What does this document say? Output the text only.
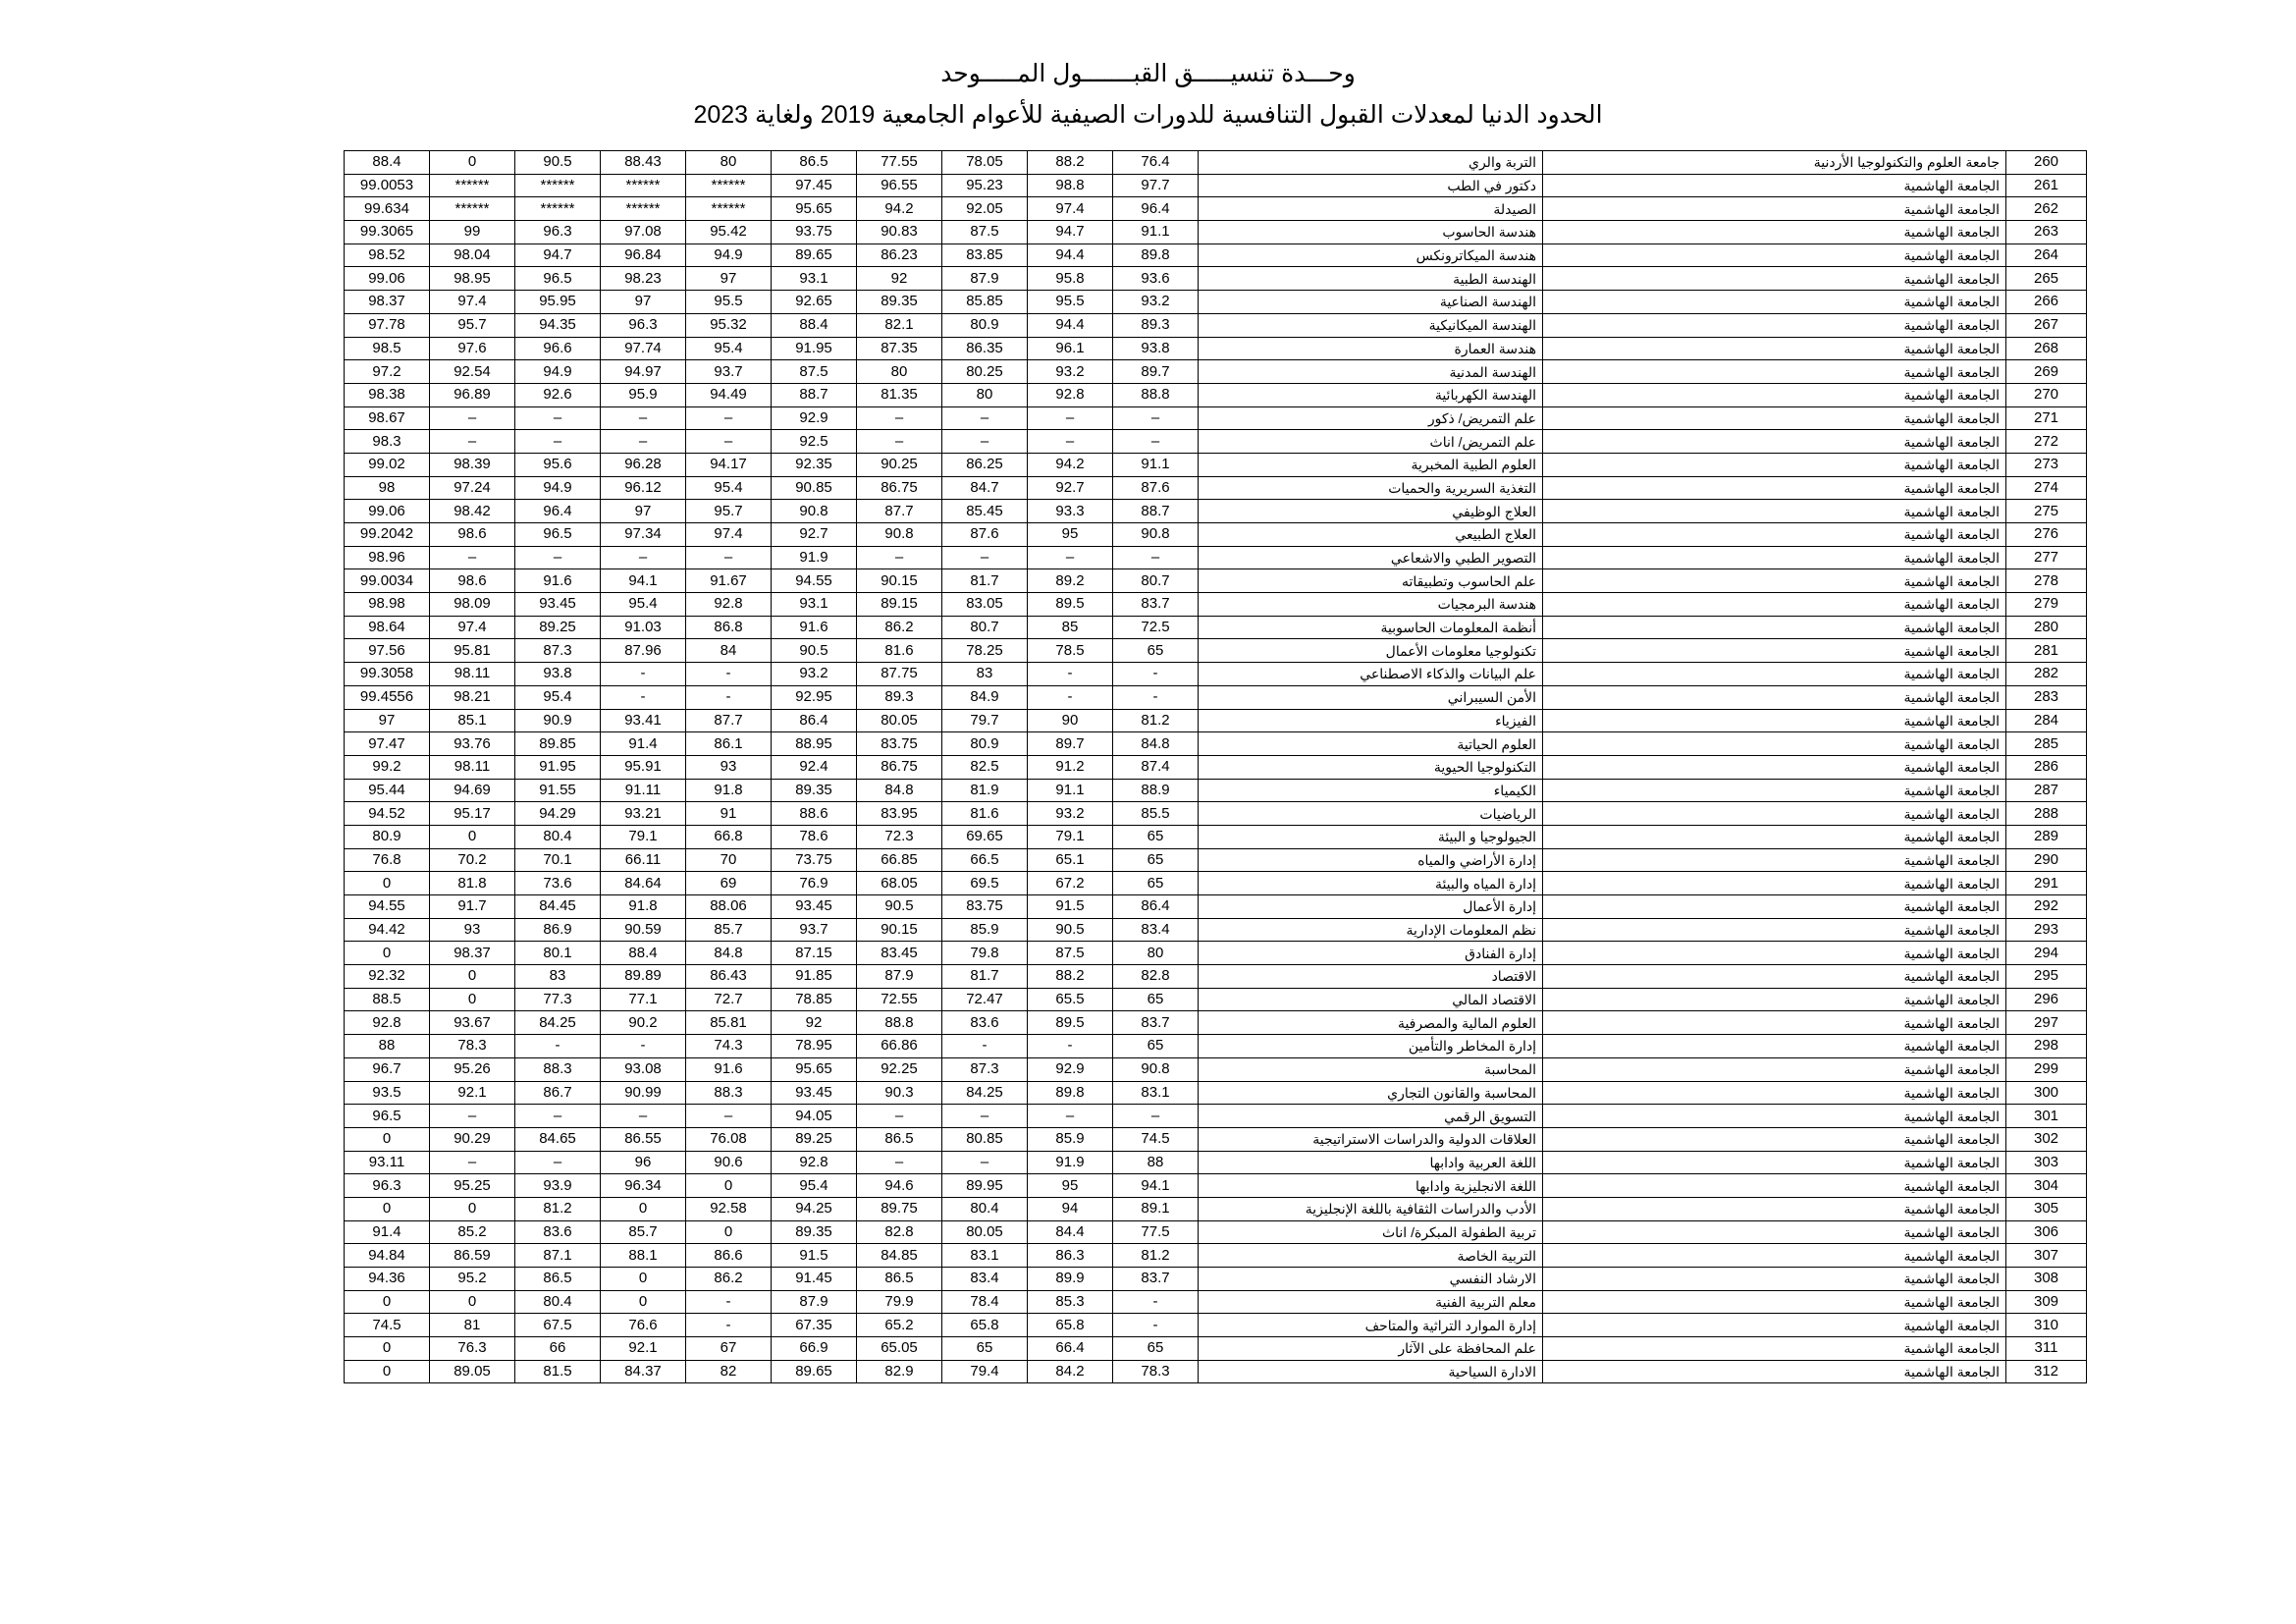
وحـــدة تنسيـــــق القبـــــــول المـــــوحد
الحدود الدنيا لمعدلات القبول التنافسية للدورات الصيفية للأعوام الجامعية 2019 ولغاية 2023
88.4	0	90.5	88.43	80	86.5	77.55	78.05	88.2	76.4	التربة والري	جامعة العلوم والتكنولوجيا الأردنية	260
99.0053	******	******	******	******	97.45	96.55	95.23	98.8	97.7	دكتور في الطب	الجامعة الهاشمية	261
99.634	******	******	******	******	95.65	94.2	92.05	97.4	96.4	الصيدلة	الجامعة الهاشمية	262
99.3065	99	96.3	97.08	95.42	93.75	90.83	87.5	94.7	91.1	هندسة الحاسوب	الجامعة الهاشمية	263
98.52	98.04	94.7	96.84	94.9	89.65	86.23	83.85	94.4	89.8	هندسة الميكاترونكس	الجامعة الهاشمية	264
99.06	98.95	96.5	98.23	97	93.1	92	87.9	95.8	93.6	الهندسة الطبية	الجامعة الهاشمية	265
98.37	97.4	95.95	97	95.5	92.65	89.35	85.85	95.5	93.2	الهندسة الصناعية	الجامعة الهاشمية	266
97.78	95.7	94.35	96.3	95.32	88.4	82.1	80.9	94.4	89.3	الهندسة الميكانيكية	الجامعة الهاشمية	267
98.5	97.6	96.6	97.74	95.4	91.95	87.35	86.35	96.1	93.8	هندسة العمارة	الجامعة الهاشمية	268
97.2	92.54	94.9	94.97	93.7	87.5	80	80.25	93.2	89.7	الهندسة المدنية	الجامعة الهاشمية	269
98.38	96.89	92.6	95.9	94.49	88.7	81.35	80	92.8	88.8	الهندسة الكهربائية	الجامعة الهاشمية	270
98.67	–	–	–	–	92.9	–	–	–	–	علم التمريض/ ذكور	الجامعة الهاشمية	271
98.3	–	–	–	–	92.5	–	–	–	–	علم التمريض/ اناث	الجامعة الهاشمية	272
99.02	98.39	95.6	96.28	94.17	92.35	90.25	86.25	94.2	91.1	العلوم الطبية المخبرية	الجامعة الهاشمية	273
98	97.24	94.9	96.12	95.4	90.85	86.75	84.7	92.7	87.6	التغذية السريرية والحميات	الجامعة الهاشمية	274
99.06	98.42	96.4	97	95.7	90.8	87.7	85.45	93.3	88.7	العلاج الوظيفي	الجامعة الهاشمية	275
99.2042	98.6	96.5	97.34	97.4	92.7	90.8	87.6	95	90.8	العلاج الطبيعي	الجامعة الهاشمية	276
98.96	–	–	–	–	91.9	–	–	–	–	التصوير الطبي والاشعاعي	الجامعة الهاشمية	277
99.0034	98.6	91.6	94.1	91.67	94.55	90.15	81.7	89.2	80.7	علم الحاسوب وتطبيقاته	الجامعة الهاشمية	278
98.98	98.09	93.45	95.4	92.8	93.1	89.15	83.05	89.5	83.7	هندسة البرمجيات	الجامعة الهاشمية	279
98.64	97.4	89.25	91.03	86.8	91.6	86.2	80.7	85	72.5	أنظمة المعلومات الحاسوبية	الجامعة الهاشمية	280
97.56	95.81	87.3	87.96	84	90.5	81.6	78.25	78.5	65	تكنولوجيا معلومات الأعمال	الجامعة الهاشمية	281
99.3058	98.11	93.8	-	-	93.2	87.75	83	-	-	علم البيانات والذكاء الاصطناعي	الجامعة الهاشمية	282
99.4556	98.21	95.4	-	-	92.95	89.3	84.9	-	-	الأمن السيبراني	الجامعة الهاشمية	283
97	85.1	90.9	93.41	87.7	86.4	80.05	79.7	90	81.2	الفيزياء	الجامعة الهاشمية	284
97.47	93.76	89.85	91.4	86.1	88.95	83.75	80.9	89.7	84.8	العلوم الحياتية	الجامعة الهاشمية	285
99.2	98.11	91.95	95.91	93	92.4	86.75	82.5	91.2	87.4	التكنولوجيا الحيوية	الجامعة الهاشمية	286
95.44	94.69	91.55	91.11	91.8	89.35	84.8	81.9	91.1	88.9	الكيمياء	الجامعة الهاشمية	287
94.52	95.17	94.29	93.21	91	88.6	83.95	81.6	93.2	85.5	الرياضيات	الجامعة الهاشمية	288
80.9	0	80.4	79.1	66.8	78.6	72.3	69.65	79.1	65	الجيولوجيا و البيئة	الجامعة الهاشمية	289
76.8	70.2	70.1	66.11	70	73.75	66.85	66.5	65.1	65	إدارة الأراضي والمياه	الجامعة الهاشمية	290
0	81.8	73.6	84.64	69	76.9	68.05	69.5	67.2	65	إدارة المياه والبيئة	الجامعة الهاشمية	291
94.55	91.7	84.45	91.8	88.06	93.45	90.5	83.75	91.5	86.4	إدارة الأعمال	الجامعة الهاشمية	292
94.42	93	86.9	90.59	85.7	93.7	90.15	85.9	90.5	83.4	نظم المعلومات الإدارية	الجامعة الهاشمية	293
0	98.37	80.1	88.4	84.8	87.15	83.45	79.8	87.5	80	إدارة الفنادق	الجامعة الهاشمية	294
92.32	0	83	89.89	86.43	91.85	87.9	81.7	88.2	82.8	الاقتصاد	الجامعة الهاشمية	295
88.5	0	77.3	77.1	72.7	78.85	72.55	72.47	65.5	65	الاقتصاد المالي	الجامعة الهاشمية	296
92.8	93.67	84.25	90.2	85.81	92	88.8	83.6	89.5	83.7	العلوم المالية والمصرفية	الجامعة الهاشمية	297
88	78.3	-	-	74.3	78.95	66.86	-	-	65	إدارة المخاطر والتأمين	الجامعة الهاشمية	298
96.7	95.26	88.3	93.08	91.6	95.65	92.25	87.3	92.9	90.8	المحاسبة	الجامعة الهاشمية	299
93.5	92.1	86.7	90.99	88.3	93.45	90.3	84.25	89.8	83.1	المحاسبة والقانون التجاري	الجامعة الهاشمية	300
96.5	–	–	–	–	94.05	–	–	–	–	التسويق الرقمي	الجامعة الهاشمية	301
0	90.29	84.65	86.55	76.08	89.25	86.5	80.85	85.9	74.5	العلاقات الدولية والدراسات الاستراتيجية	الجامعة الهاشمية	302
93.11	–	–	96	90.6	92.8	–	–	91.9	88	اللغة العربية وادابها	الجامعة الهاشمية	303
96.3	95.25	93.9	96.34	0	95.4	94.6	89.95	95	94.1	اللغة الانجليزية وادابها	الجامعة الهاشمية	304
0	0	81.2	0	92.58	94.25	89.75	80.4	94	89.1	الأدب والدراسات الثقافية باللغة الإنجليزية	الجامعة الهاشمية	305
91.4	85.2	83.6	85.7	0	89.35	82.8	80.05	84.4	77.5	تربية الطفولة المبكرة/ اناث	الجامعة الهاشمية	306
94.84	86.59	87.1	88.1	86.6	91.5	84.85	83.1	86.3	81.2	التربية الخاصة	الجامعة الهاشمية	307
94.36	95.2	86.5	0	86.2	91.45	86.5	83.4	89.9	83.7	الارشاد النفسي	الجامعة الهاشمية	308
0	0	80.4	0	-	87.9	79.9	78.4	85.3	-	معلم التربية الفنية	الجامعة الهاشمية	309
74.5	81	67.5	76.6	-	67.35	65.2	65.8	65.8	-	إدارة الموارد التراثية والمتاحف	الجامعة الهاشمية	310
0	76.3	66	92.1	67	66.9	65.05	65	66.4	65	علم المحافظة على الآثار	الجامعة الهاشمية	311
0	89.05	81.5	84.37	82	89.65	82.9	79.4	84.2	78.3	الادارة السياحية	الجامعة الهاشمية	312
